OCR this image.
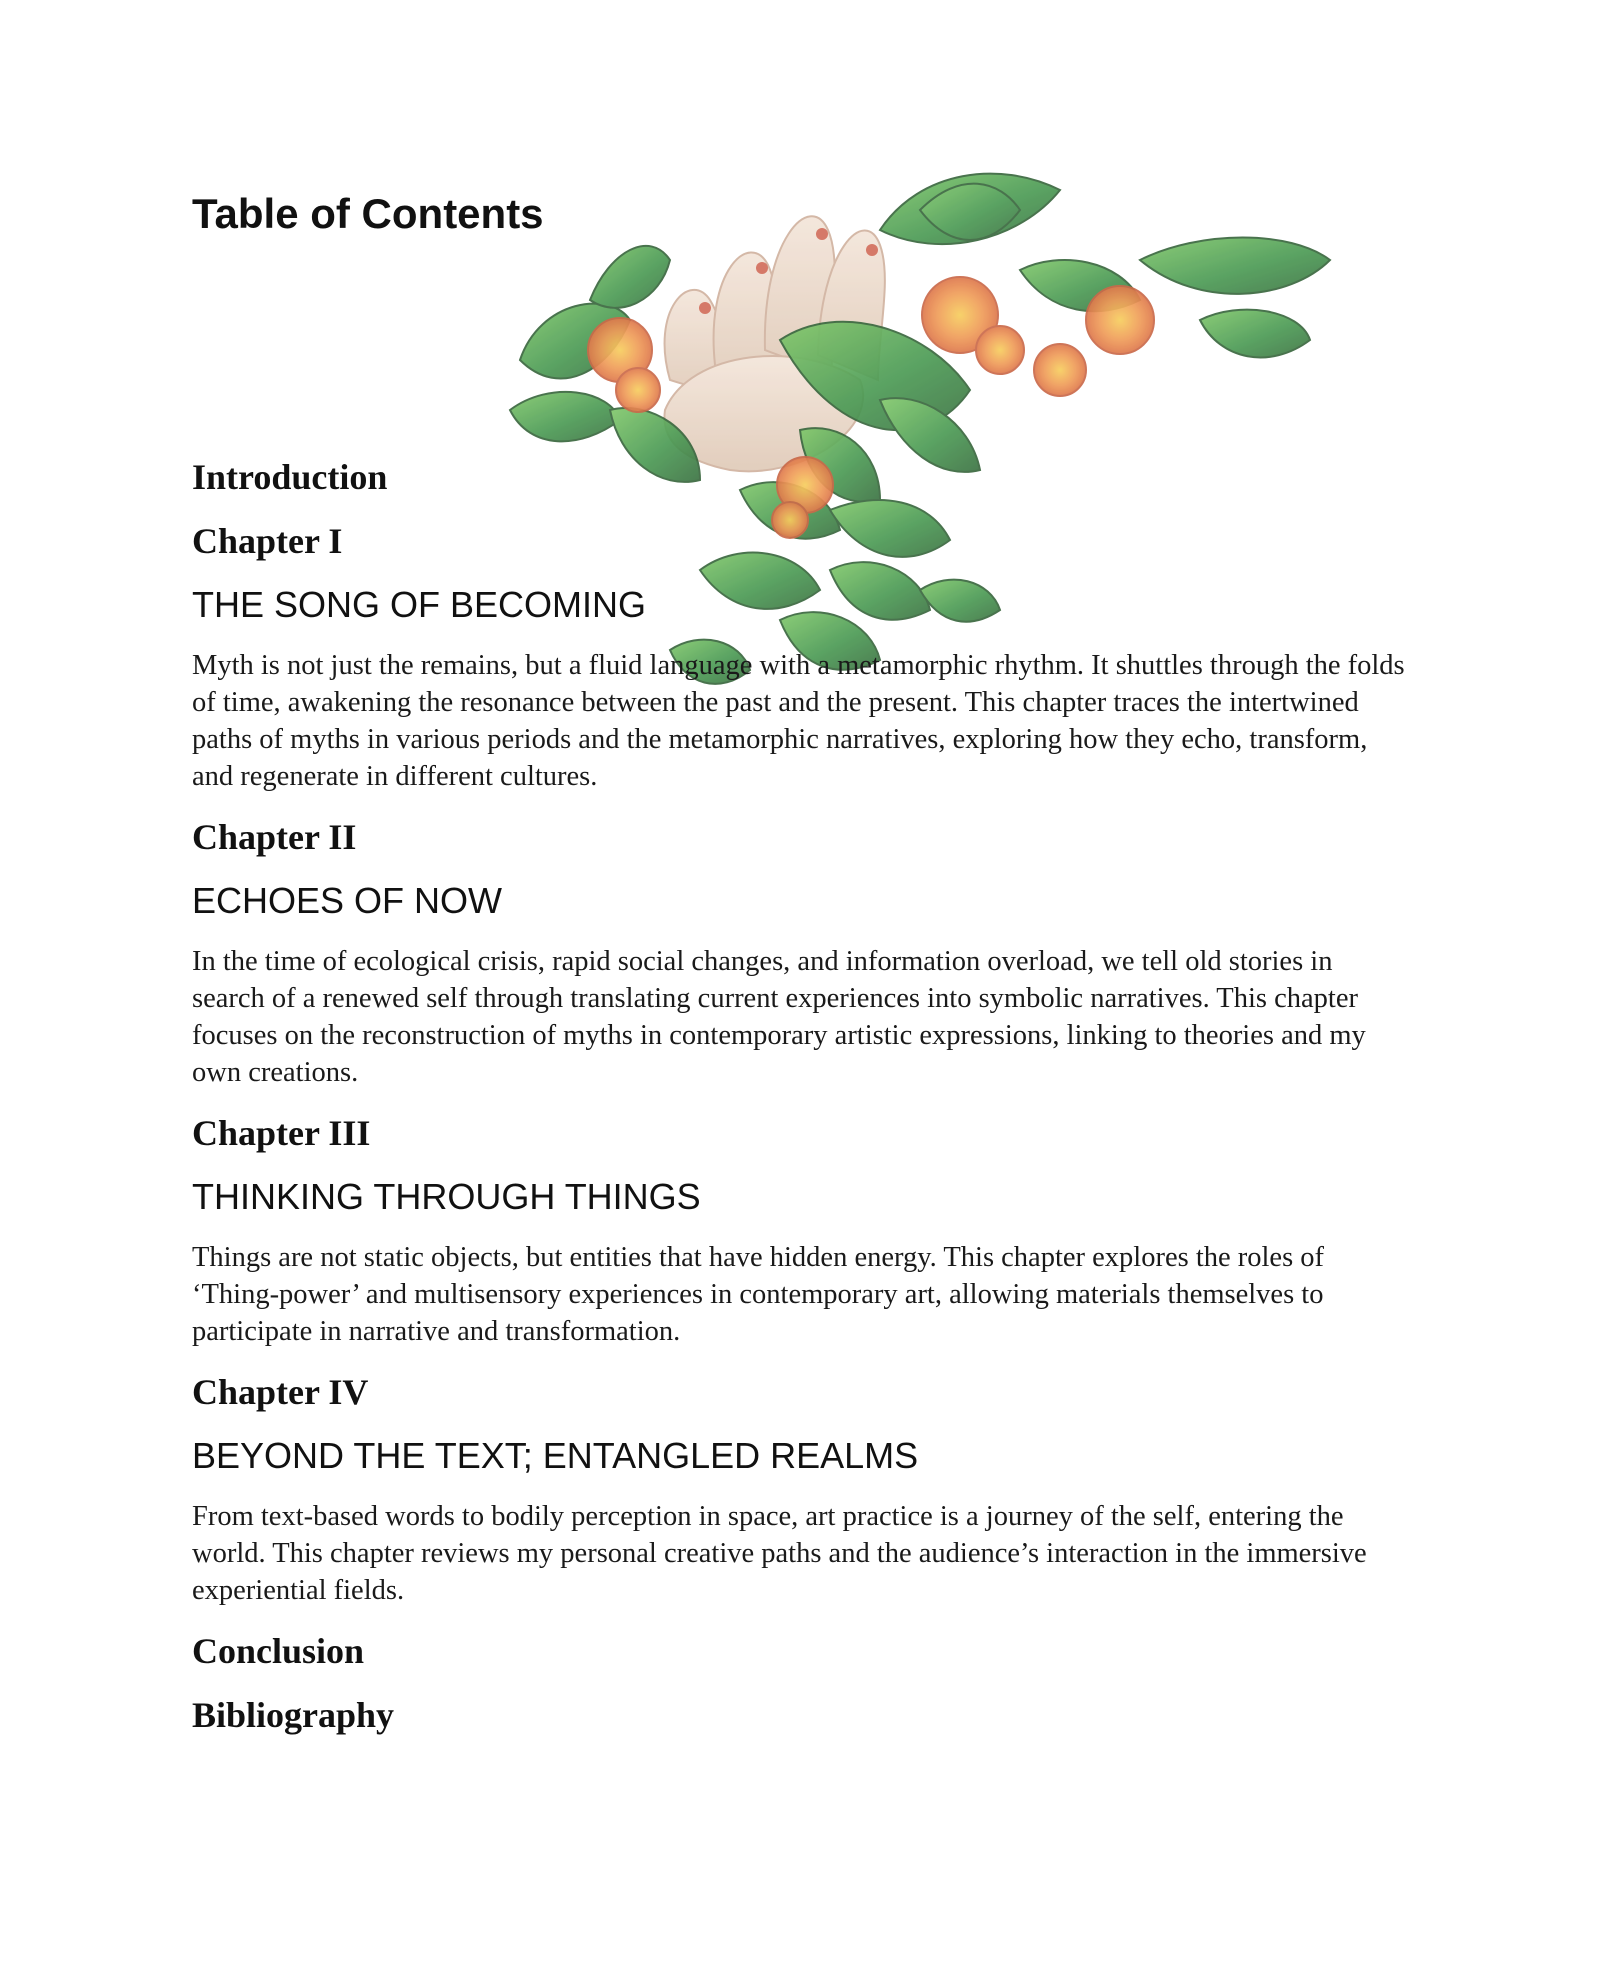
Table of Contents
Introduction
Chapter I
THE SONG OF BECOMING

Myth is not just the remains, but a fluid language with a metamorphic rhythm. It shuttles through the folds of time, awakening the resonance between the past and the present. This chapter traces the intertwined paths of myths in various periods and the metamorphic narratives, exploring how they echo, transform, and regenerate in different cultures.

Chapter II
ECHOES OF NOW

In the time of ecological crisis, rapid social changes, and information overload, we tell old stories in search of a renewed self through translating current experiences into symbolic narratives. This chapter focuses on the reconstruction of myths in contemporary artistic expressions, linking to theories and my own creations.

Chapter III
THINKING THROUGH THINGS

Things are not static objects, but entities that have hidden energy. This chapter explores the roles of ‘Thing-power’ and multisensory experiences in contemporary art, allowing materials themselves to participate in narrative and transformation.

Chapter IV
BEYOND THE TEXT; ENTANGLED REALMS

From text-based words to bodily perception in space, art practice is a journey of the self, entering the world. This chapter reviews my personal creative paths and the audience’s interaction in the immersive experiential fields.

Conclusion
Bibliography
